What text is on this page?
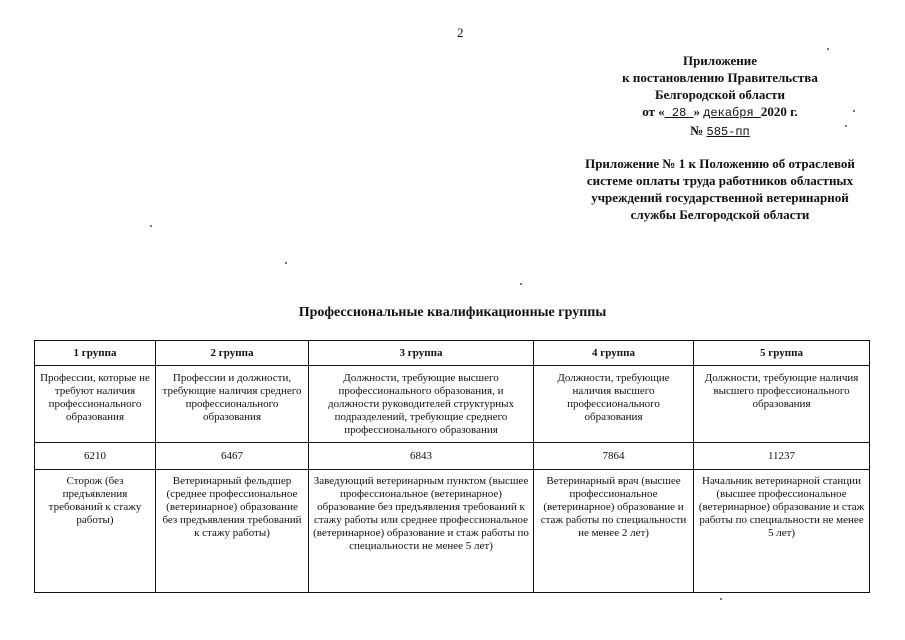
2
Приложение
к постановлению Правительства
Белгородской области
от « 28 » декабря 2020 г.
№ 585-пп
Приложение № 1 к Положению об отраслевой системе оплаты труда работников областных учреждений государственной ветеринарной службы Белгородской области
Профессиональные квалификационные группы
1 группа	2 группа	3 группа	4 группа	5 группа
Профессии, которые не требуют наличия профессионального образования	Профессии и должности, требующие наличия среднего профессионального образования	Должности, требующие высшего профессионального образования, и должности руководителей структурных подразделений, требующие среднего профессионального образования	Должности, требующие наличия высшего профессионального образования	Должности, требующие наличия высшего профессионального образования
6210	6467	6843	7864	11237
Сторож (без предъявления требований к стажу работы)	Ветеринарный фельдшер (среднее профессиональное (ветеринарное) образование без предъявления требований к стажу работы)	Заведующий ветеринарным пунктом (высшее профессиональное (ветеринарное) образование без предъявления требований к стажу работы или среднее профессиональное (ветеринарное) образование и стаж работы по специальности не менее 5 лет)	Ветеринарный врач (высшее профессиональное (ветеринарное) образование и стаж работы по специальности не менее 2 лет)	Начальник ветеринарной станции (высшее профессиональное (ветеринарное) образование и стаж работы по специальности не менее 5 лет)
